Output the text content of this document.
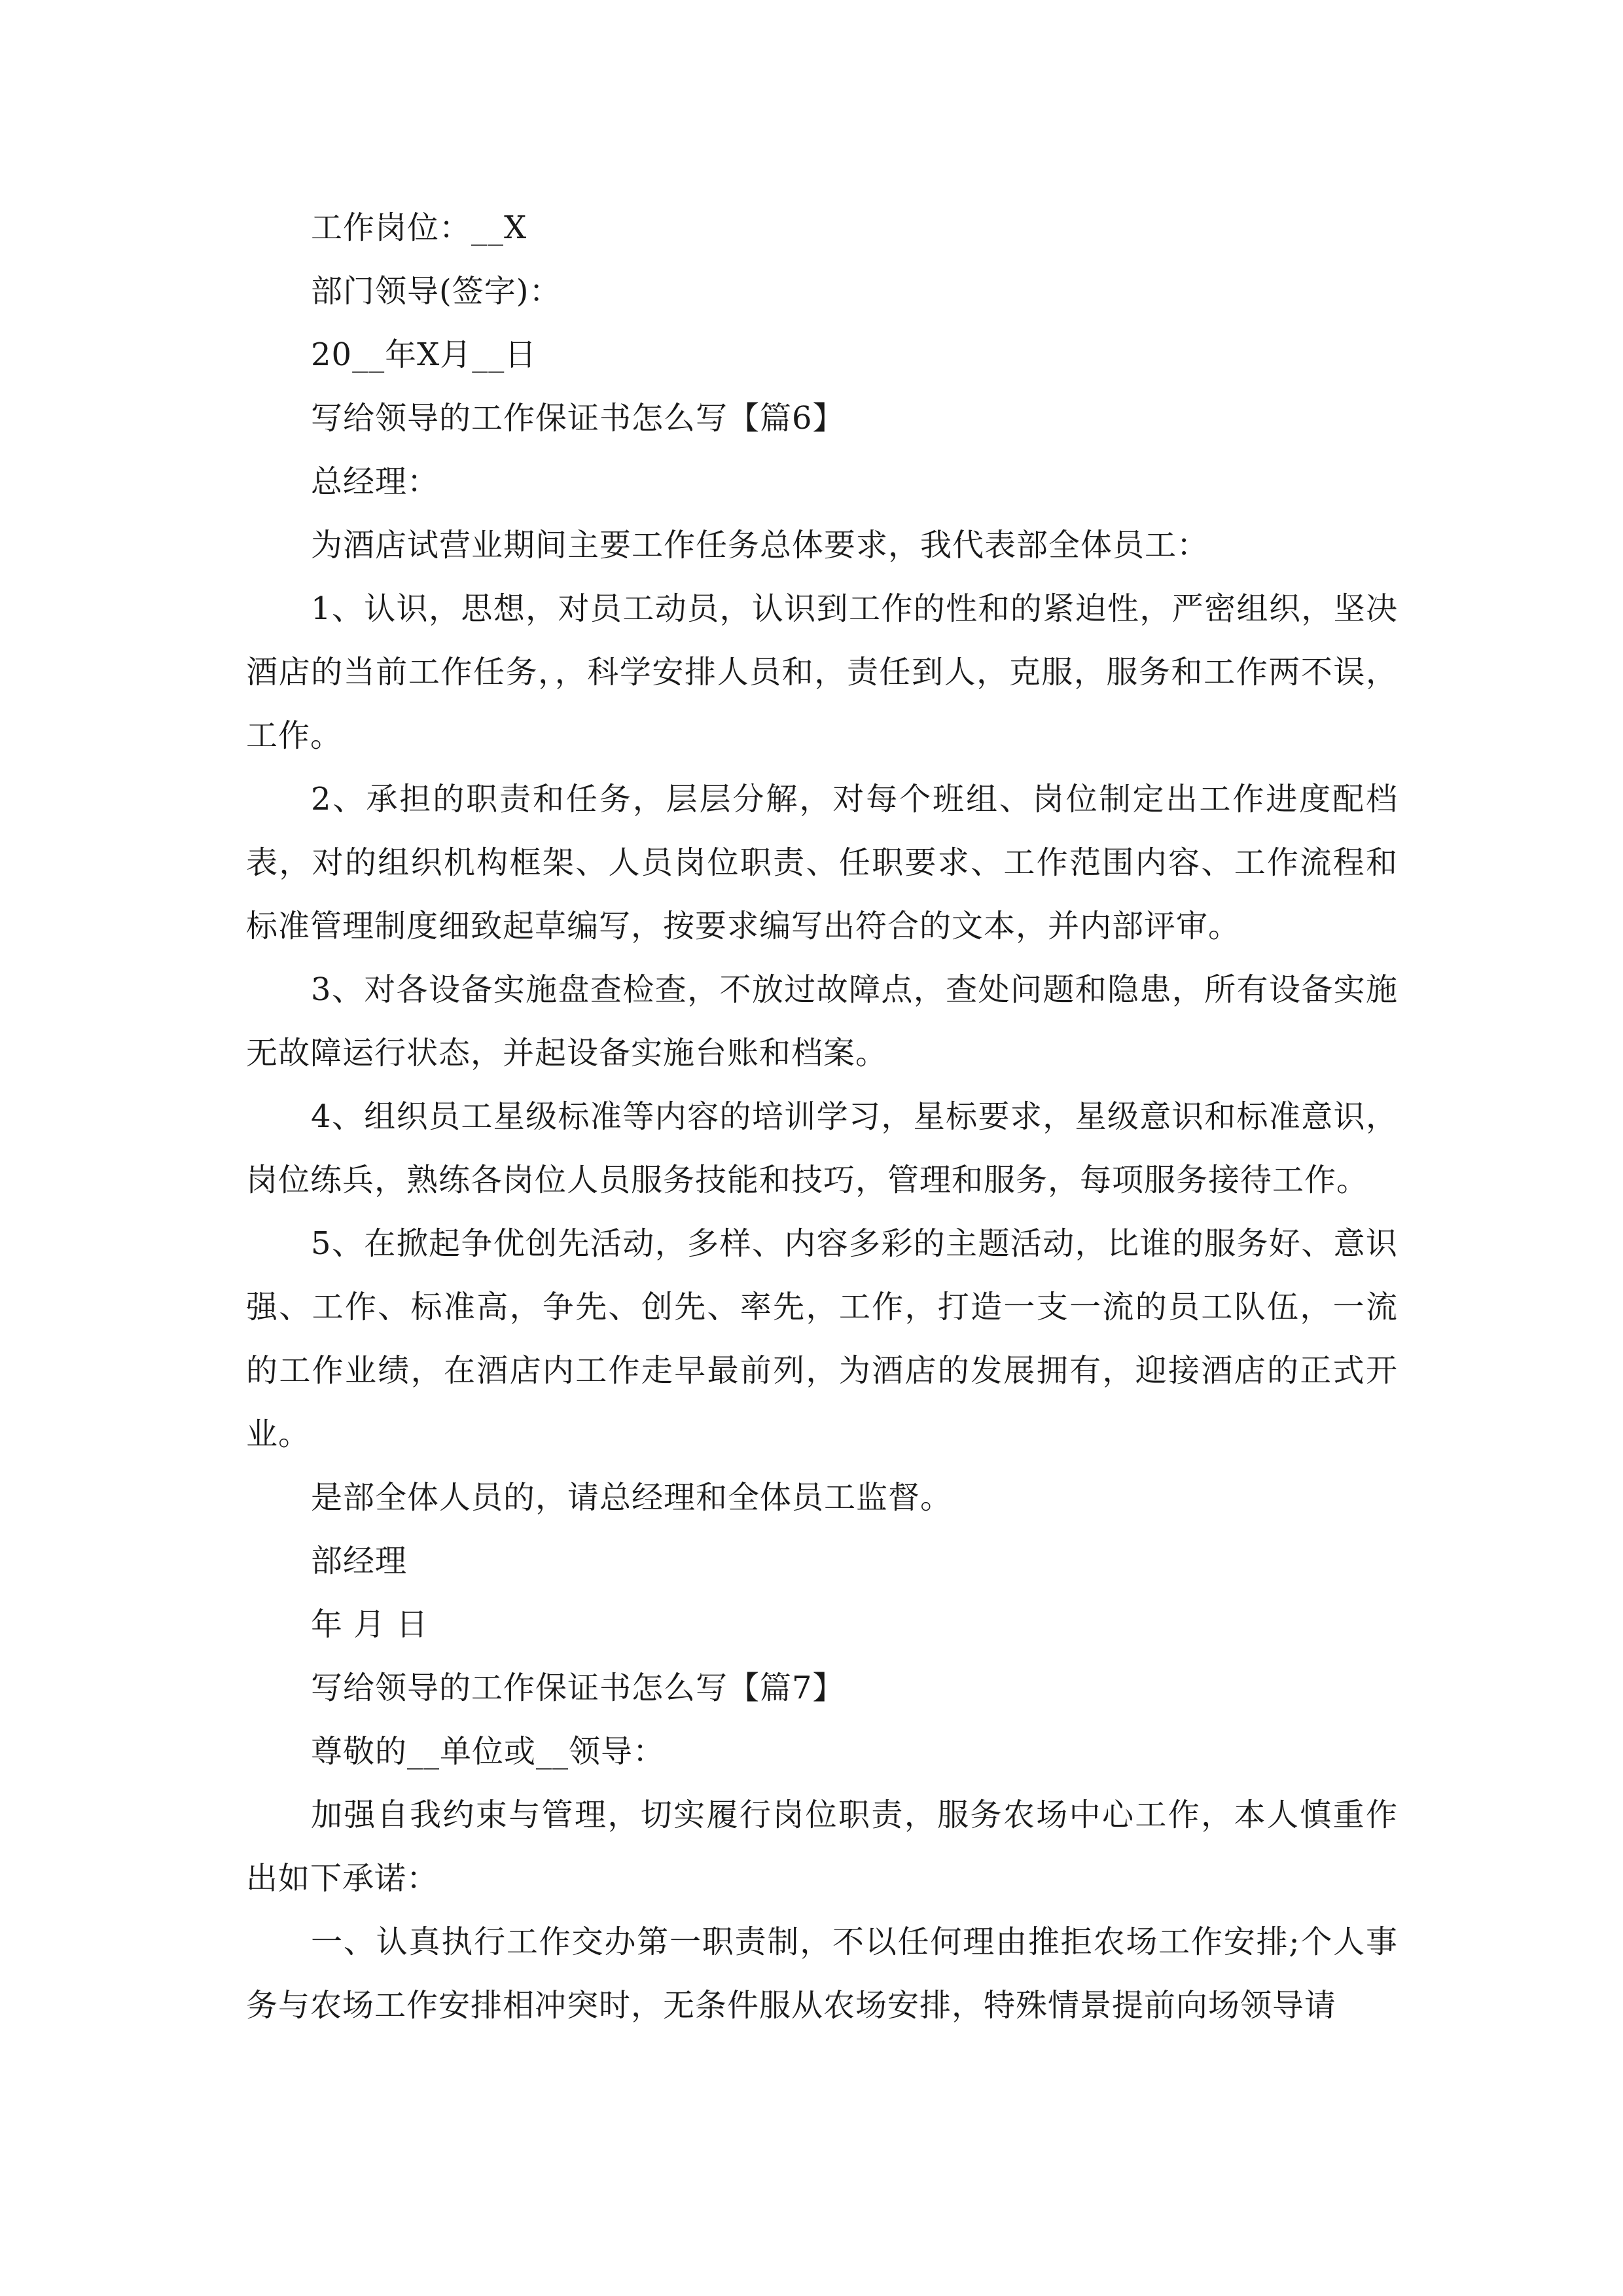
工作岗位：__X

部门领导(签字)：

20__年X月__日

写给领导的工作保证书怎么写【篇6】

总经理：

为酒店试营业期间主要工作任务总体要求，我代表部全体员工：

1、认识，思想，对员工动员，认识到工作的性和的紧迫性，严密组织，坚决酒店的当前工作任务，，科学安排人员和，责任到人，克服，服务和工作两不误，工作。

2、承担的职责和任务，层层分解，对每个班组、岗位制定出工作进度配档表，对的组织机构框架、人员岗位职责、任职要求、工作范围内容、工作流程和标准管理制度细致起草编写，按要求编写出符合的文本，并内部评审。

3、对各设备实施盘查检查，不放过故障点，查处问题和隐患，所有设备实施无故障运行状态，并起设备实施台账和档案。

4、组织员工星级标准等内容的培训学习，星标要求，星级意识和标准意识，岗位练兵，熟练各岗位人员服务技能和技巧，管理和服务，每项服务接待工作。

5、在掀起争优创先活动，多样、内容多彩的主题活动，比谁的服务好、意识强、工作、标准高，争先、创先、率先，工作，打造一支一流的员工队伍，一流的工作业绩，在酒店内工作走早最前列，为酒店的发展拥有，迎接酒店的正式开业。

是部全体人员的，请总经理和全体员工监督。

部经理

年 月 日

写给领导的工作保证书怎么写【篇7】

尊敬的__单位或__领导：

加强自我约束与管理，切实履行岗位职责，服务农场中心工作，本人慎重作出如下承诺：

一、认真执行工作交办第一职责制，不以任何理由推拒农场工作安排;个人事务与农场工作安排相冲突时，无条件服从农场安排，特殊情景提前向场领导请
